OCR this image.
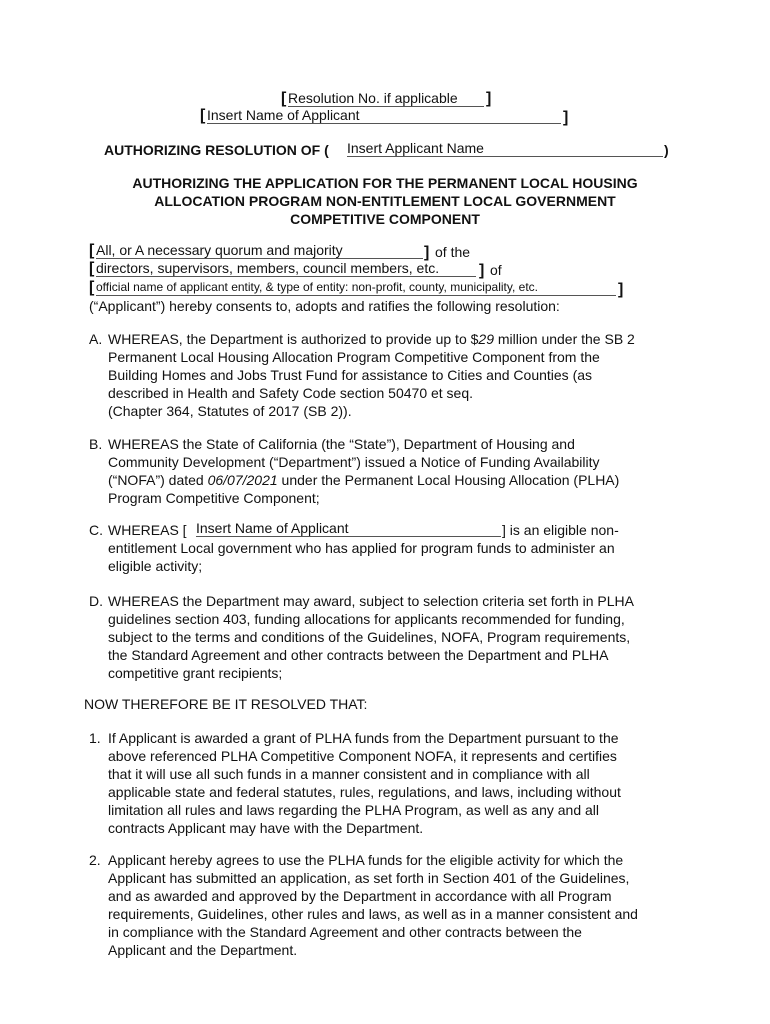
[ Resolution No. if applicable	]
[ Insert Name of Applicant	]
AUTHORIZING RESOLUTION OF ( Insert Applicant Name	)
AUTHORIZING THE APPLICATION FOR THE PERMANENT LOCAL HOUSING
ALLOCATION PROGRAM NON-ENTITLEMENT LOCAL GOVERNMENT
COMPETITIVE COMPONENT
[ All, or A necessary quorum and majority	] of the
[ directors, supervisors, members, council members, etc.	] of
[ official name of applicant entity, & type of entity: non-profit, county, municipality, etc.	]
(“Applicant”) hereby consents to, adopts and ratifies the following resolution:
A. WHEREAS, the Department is authorized to provide up to $29 million under the SB 2
Permanent Local Housing Allocation Program Competitive Component from the
Building Homes and Jobs Trust Fund for assistance to Cities and Counties (as
described in Health and Safety Code section 50470 et seq.
(Chapter 364, Statutes of 2017 (SB 2)).
B. WHEREAS the State of California (the “State”), Department of Housing and
Community Development (“Department”) issued a Notice of Funding Availability
(“NOFA”) dated 06/07/2021 under the Permanent Local Housing Allocation (PLHA)
Program Competitive Component;
C. WHEREAS [ Insert Name of Applicant	] is an eligible non-
entitlement Local government who has applied for program funds to administer an
eligible activity;
D. WHEREAS the Department may award, subject to selection criteria set forth in PLHA
guidelines section 403, funding allocations for applicants recommended for funding,
subject to the terms and conditions of the Guidelines, NOFA, Program requirements,
the Standard Agreement and other contracts between the Department and PLHA
competitive grant recipients;
NOW THEREFORE BE IT RESOLVED THAT:
1. If Applicant is awarded a grant of PLHA funds from the Department pursuant to the
above referenced PLHA Competitive Component NOFA, it represents and certifies
that it will use all such funds in a manner consistent and in compliance with all
applicable state and federal statutes, rules, regulations, and laws, including without
limitation all rules and laws regarding the PLHA Program, as well as any and all
contracts Applicant may have with the Department.
2. Applicant hereby agrees to use the PLHA funds for the eligible activity for which the
Applicant has submitted an application, as set forth in Section 401 of the Guidelines,
and as awarded and approved by the Department in accordance with all Program
requirements, Guidelines, other rules and laws, as well as in a manner consistent and
in compliance with the Standard Agreement and other contracts between the
Applicant and the Department.
